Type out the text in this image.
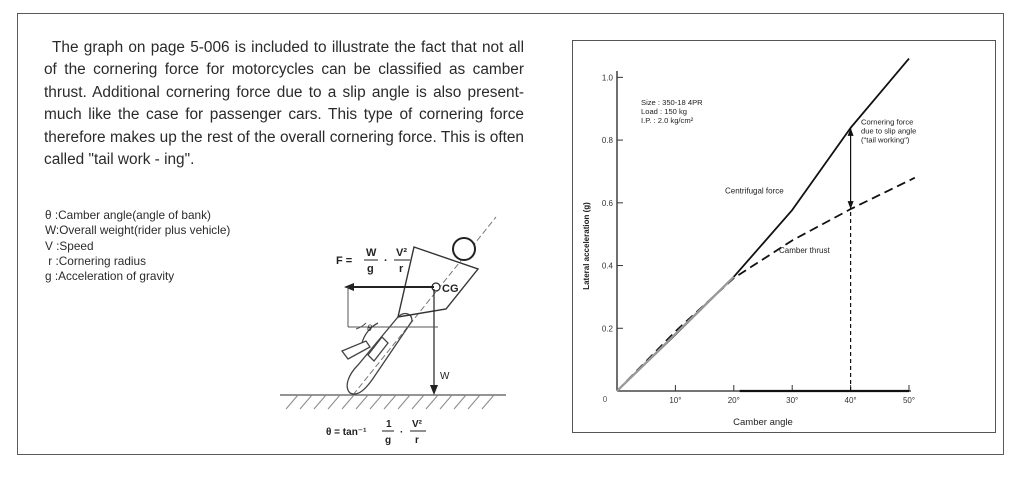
The graph on page 5-006 is included to illustrate the fact that not all of the cornering force for motorcycles can be classified as camber thrust. Additional cornering force due to a slip angle is also present-much like the case for passenger cars. This type of cornering force therefore makes up the rest of the overall cornering force. This is often called "tail work - ing".

θ :Camber angle(angle of bank)
W:Overall weight(rider plus vehicle)
V :Speed
r :Cornering radius
g :Acceleration of gravity
CG
W
θ
F =
W
g
·
V²
r
θ = tan⁻¹
1
g
·
V²
r
0.2
0.4
0.6
0.8
1.0
10°	20°	30°	40°	50°
0
Camber angle
Lateral acceleration (g)
Size : 350-18 4PR
Load : 150 kg
I.P. : 2.0 kg/cm²
Centrifugal force
Camber thrust
Cornering force
due to slip angle
("tail working")
